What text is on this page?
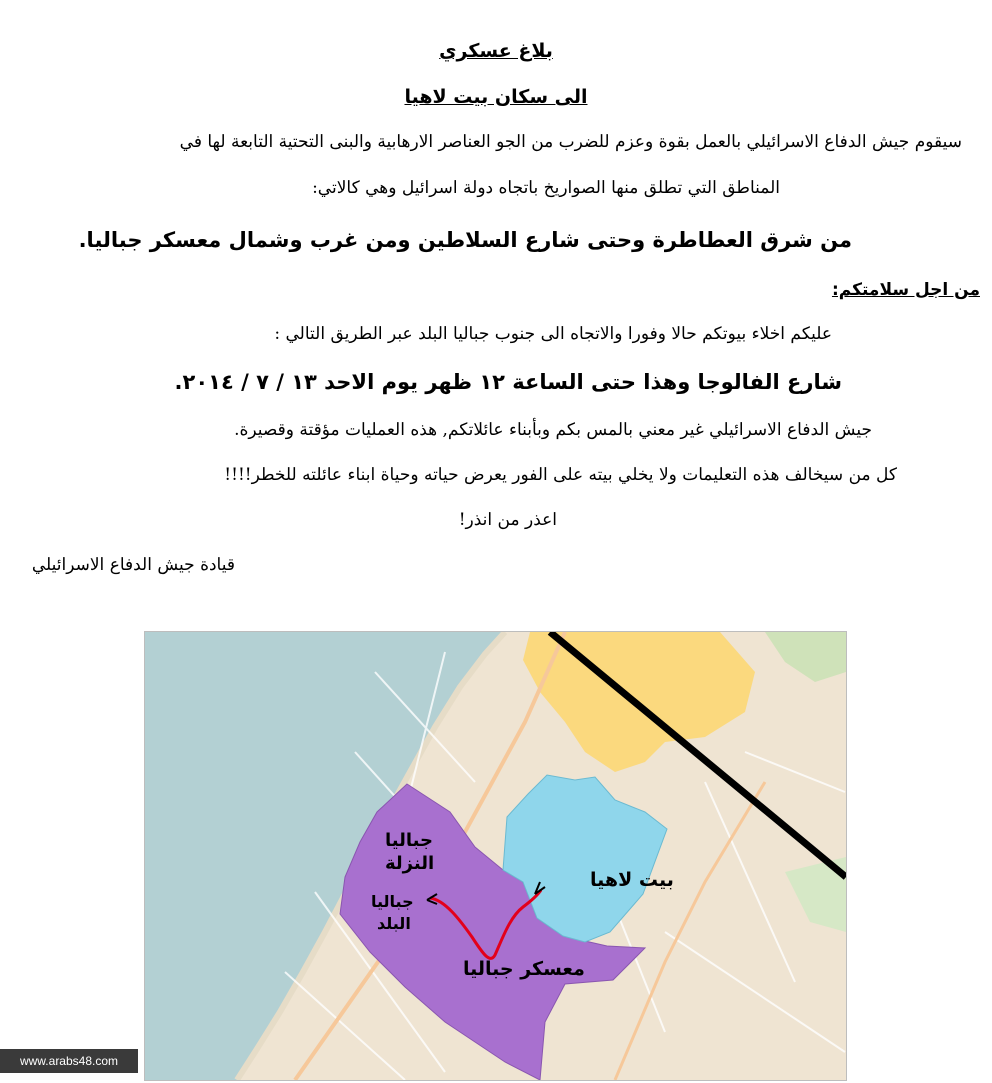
بلاغ عسكري
الى سكان بيت لاهيا
سيقوم جيش الدفاع الاسرائيلي بالعمل بقوة وعزم للضرب من الجو العناصر الارهابية والبنى التحتية التابعة لها في
المناطق التي تطلق منها الصواريخ باتجاه دولة اسرائيل وهي كالاتي:
من شرق العطاطرة وحتى شارع السلاطين ومن غرب وشمال معسكر جباليا.
من اجل سلامتكم:
عليكم اخلاء بيوتكم حالا وفورا والاتجاه الى جنوب جباليا البلد عبر الطريق التالي :
شارع الفالوجا وهذا حتى الساعة ١٢ ظهر يوم الاحد ١٣ / ٧ / ٢٠١٤.
جيش الدفاع الاسرائيلي غير معني بالمس بكم وبأبناء عائلاتكم, هذه العمليات مؤقتة وقصيرة.
كل من سيخالف هذه التعليمات ولا يخلي بيته على الفور يعرض حياته وحياة ابناء عائلته للخطر!!!!
اعذر من انذر!
قيادة جيش الدفاع الاسرائيلي
بيت لاهيا
جباليا
النزلة
جباليا
البلد
معسكر جباليا
www.arabs48.com
